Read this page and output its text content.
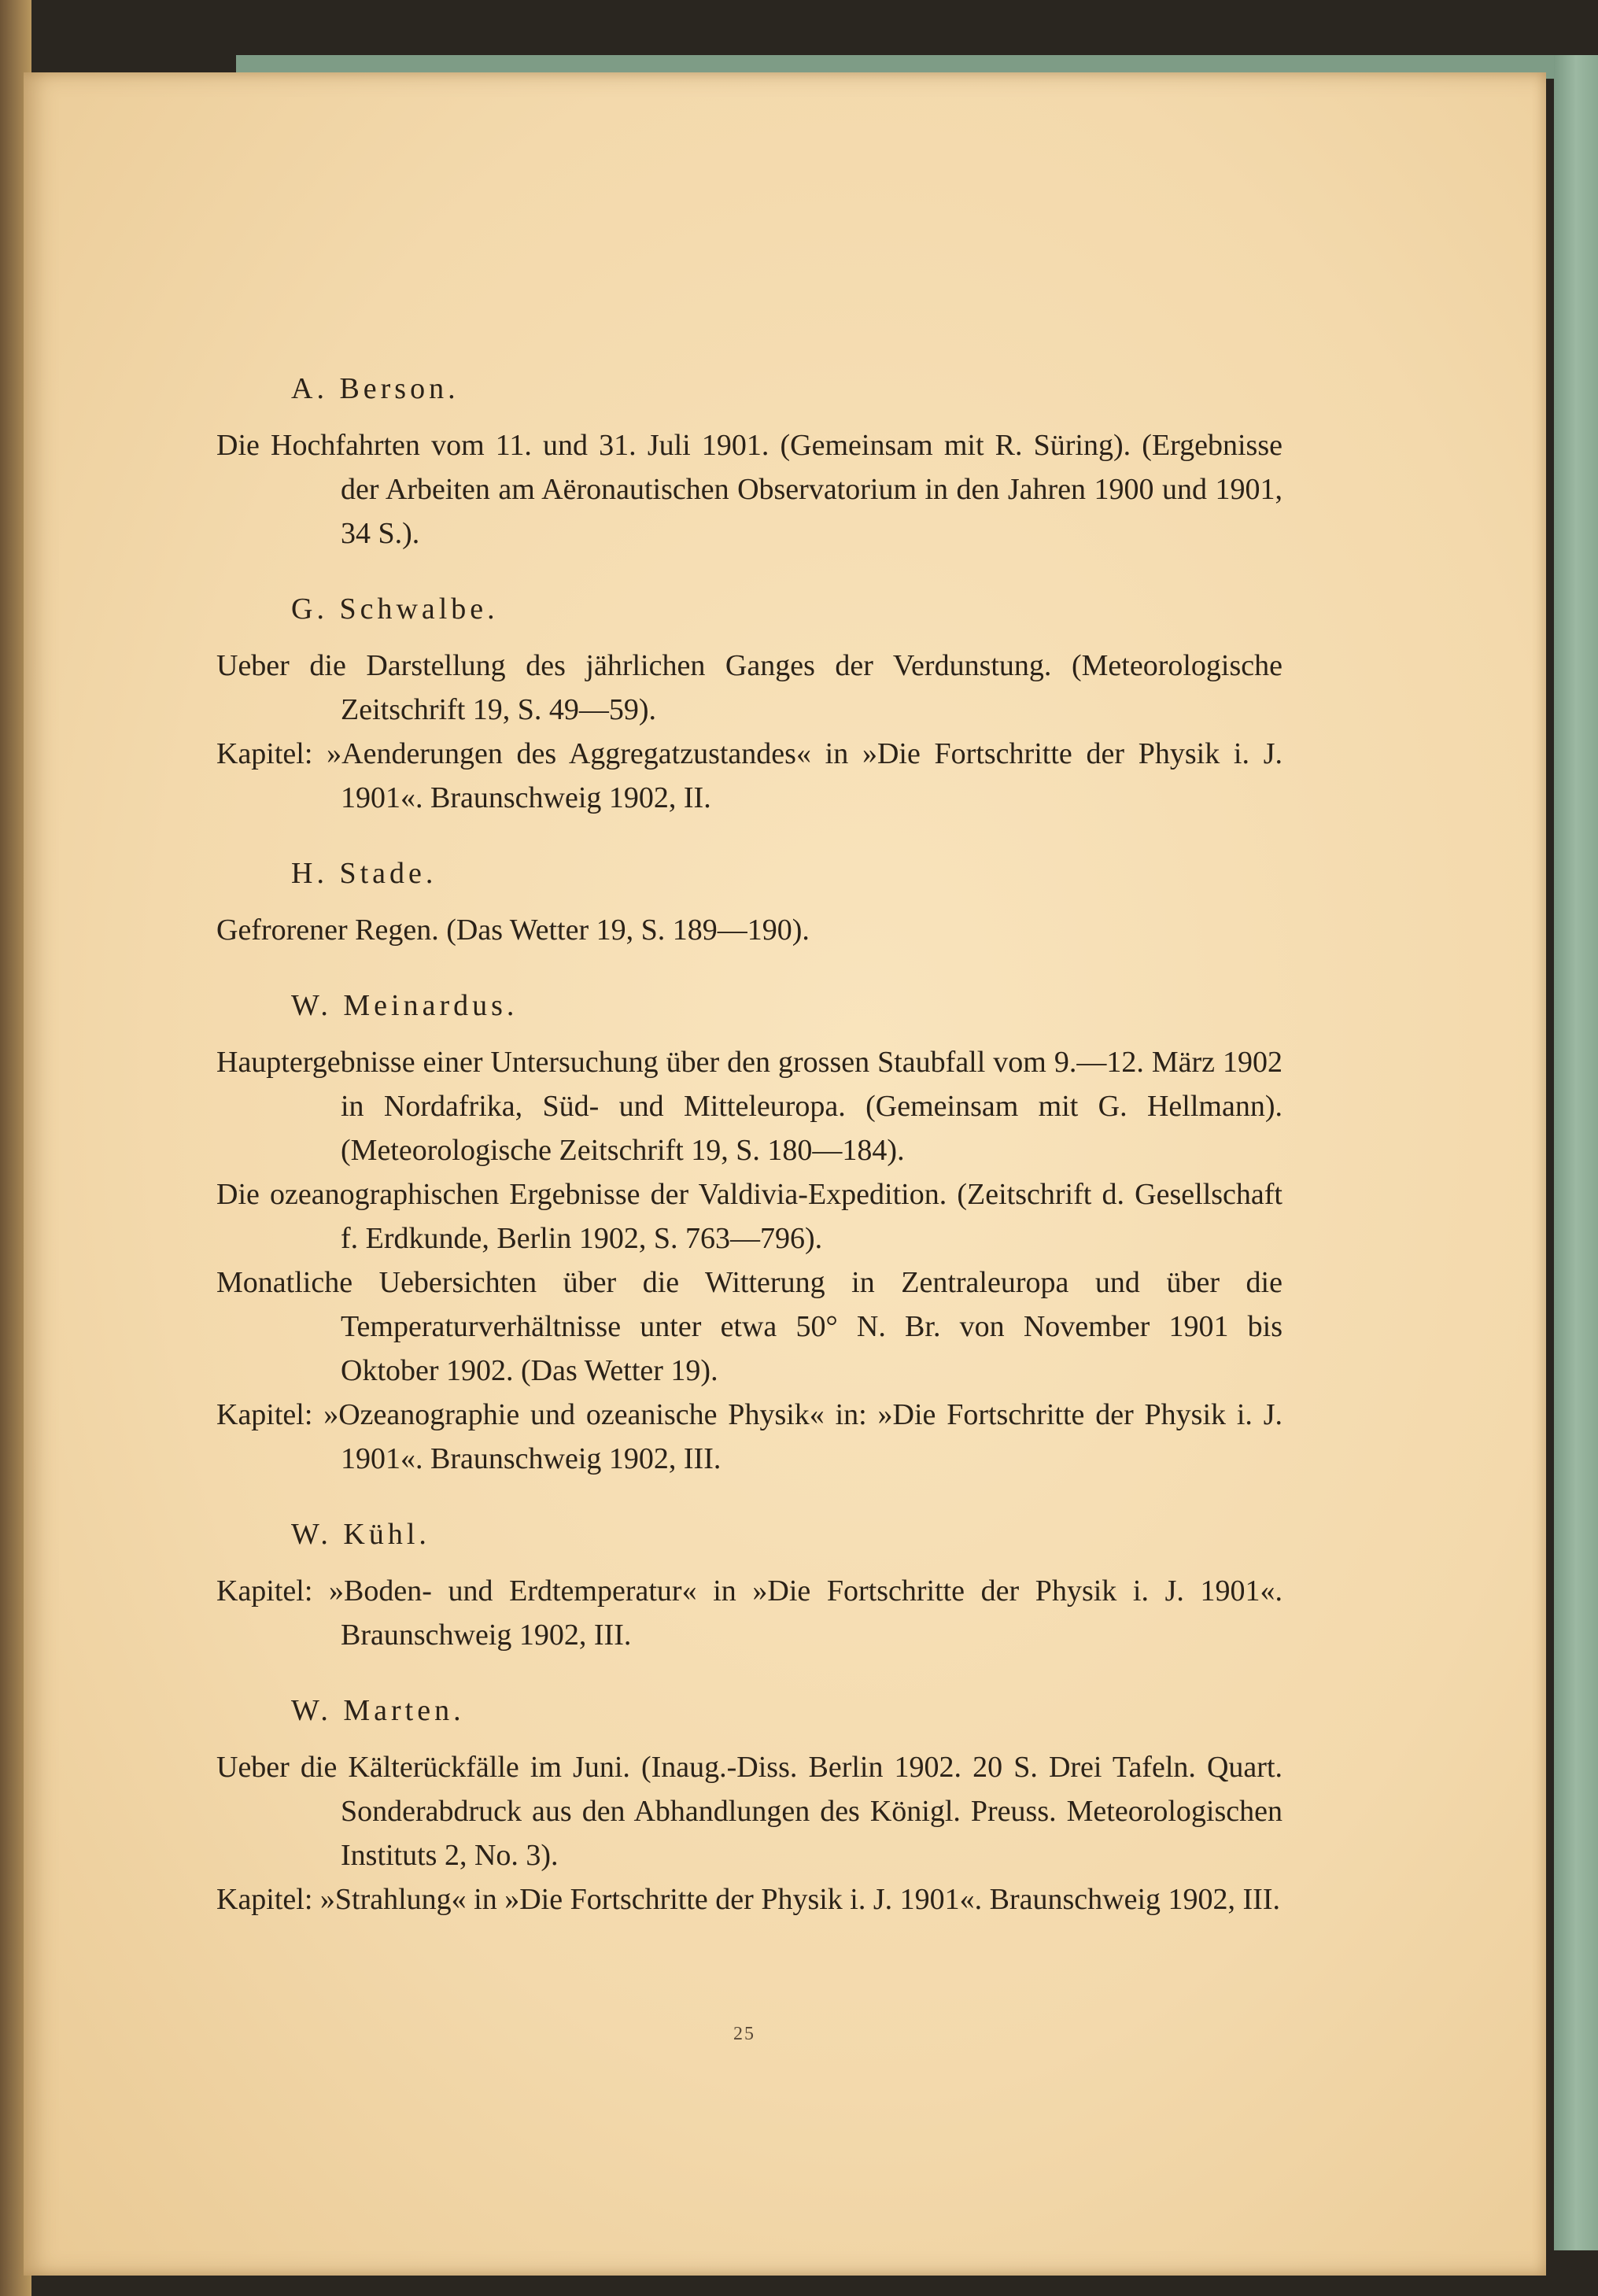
A. Berson.

Die Hochfahrten vom 11. und 31. Juli 1901. (Gemeinsam mit R. Süring). (Ergebnisse der Arbeiten am Aëronautischen Observatorium in den Jahren 1900 und 1901, 34 S.).

G. Schwalbe.

Ueber die Darstellung des jährlichen Ganges der Verdunstung. (Meteorologische Zeitschrift 19, S. 49—59).

Kapitel: »Aenderungen des Aggregatzustandes« in »Die Fortschritte der Physik i. J. 1901«. Braunschweig 1902, II.

H. Stade.

Gefrorener Regen. (Das Wetter 19, S. 189—190).

W. Meinardus.

Hauptergebnisse einer Untersuchung über den grossen Staubfall vom 9.—12. März 1902 in Nordafrika, Süd- und Mitteleuropa. (Gemeinsam mit G. Hellmann). (Meteorologische Zeitschrift 19, S. 180—184).

Die ozeanographischen Ergebnisse der Valdivia-Expedition. (Zeitschrift d. Gesellschaft f. Erdkunde, Berlin 1902, S. 763—796).

Monatliche Uebersichten über die Witterung in Zentraleuropa und über die Temperaturverhältnisse unter etwa 50° N. Br. von November 1901 bis Oktober 1902. (Das Wetter 19).

Kapitel: »Ozeanographie und ozeanische Physik« in: »Die Fortschritte der Physik i. J. 1901«. Braunschweig 1902, III.

W. Kühl.

Kapitel: »Boden- und Erdtemperatur« in »Die Fortschritte der Physik i. J. 1901«. Braunschweig 1902, III.

W. Marten.

Ueber die Kälterückfälle im Juni. (Inaug.-Diss. Berlin 1902. 20 S. Drei Tafeln. Quart. Sonderabdruck aus den Abhandlungen des Königl. Preuss. Meteorologischen Instituts 2, No. 3).

Kapitel: »Strahlung« in »Die Fortschritte der Physik i. J. 1901«. Braunschweig 1902, III.

25
